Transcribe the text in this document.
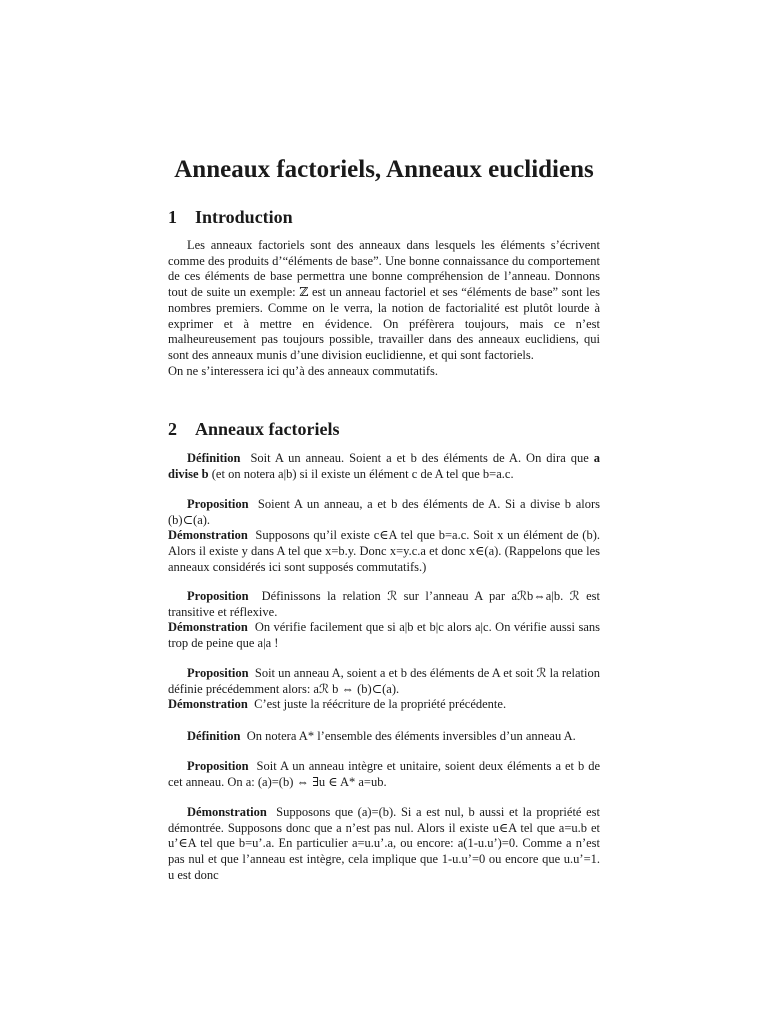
Anneaux factoriels, Anneaux euclidiens
1 Introduction

Les anneaux factoriels sont des anneaux dans lesquels les éléments s’écrivent comme des produits d’“éléments de base”. Une bonne connaissance du comportement de ces éléments de base permettra une bonne compréhension de l’anneau. Donnons tout de suite un exemple: ℤ est un anneau factoriel et ses “éléments de base” sont les nombres premiers. Comme on le verra, la notion de factorialité est plutôt lourde à exprimer et à mettre en évidence. On préfèrera toujours, mais ce n’est malheureusement pas toujours possible, travailler dans des anneaux euclidiens, qui sont des anneaux munis d’une division euclidienne, et qui sont factoriels.
On ne s’interessera ici qu’à des anneaux commutatifs.

2 Anneaux factoriels

Définition Soit A un anneau. Soient a et b des éléments de A. On dira que a divise b (et on notera a|b) si il existe un élément c de A tel que b=a.c.

Proposition Soient A un anneau, a et b des éléments de A. Si a divise b alors (b)⊂(a).
Démonstration Supposons qu’il existe c∈A tel que b=a.c. Soit x un élément de (b). Alors il existe y dans A tel que x=b.y. Donc x=y.c.a et donc x∈(a). (Rappelons que les anneaux considérés ici sont supposés commutatifs.)

Proposition Définissons la relation ℛ sur l’anneau A par aℛb⇔a|b. ℛ est transitive et réflexive.
Démonstration On vérifie facilement que si a|b et b|c alors a|c. On vérifie aussi sans trop de peine que a|a !

Proposition Soit un anneau A, soient a et b des éléments de A et soit ℛ la relation définie précédemment alors: aℛ b ⇔ (b)⊂(a).
Démonstration C’est juste la réécriture de la propriété précédente.

Définition On notera A* l’ensemble des éléments inversibles d’un anneau A.

Proposition Soit A un anneau intègre et unitaire, soient deux éléments a et b de cet anneau. On a: (a)=(b) ⇔ ∃u ∈ A* a=ub.

Démonstration Supposons que (a)=(b). Si a est nul, b aussi et la propriété est démontrée. Supposons donc que a n’est pas nul. Alors il existe u∈A tel que a=u.b et u’∈A tel que b=u’.a. En particulier a=u.u’.a, ou encore: a(1-u.u’)=0. Comme a n’est pas nul et que l’anneau est intègre, cela implique que 1-u.u’=0 ou encore que u.u’=1. u est donc
